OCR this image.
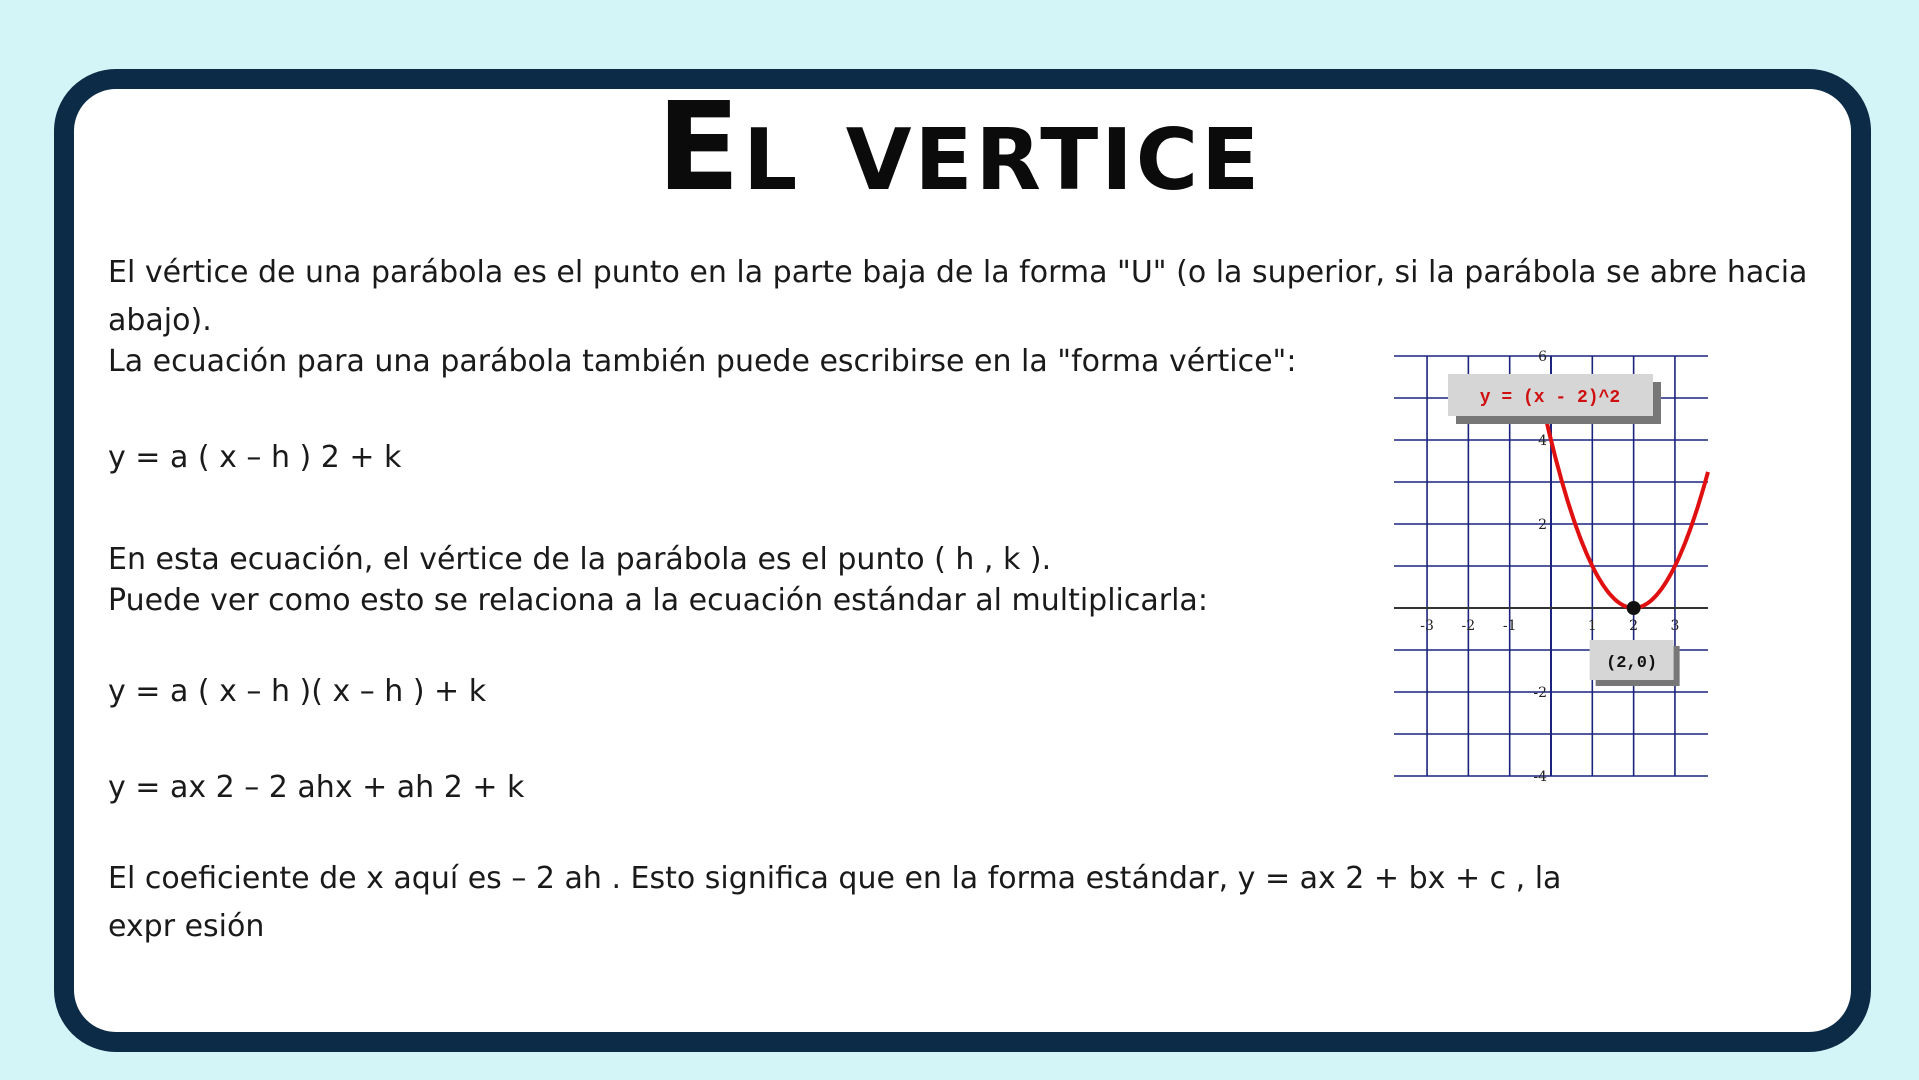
El vertice
El vértice de una parábola es el punto en la parte baja de la forma "U" (o la superior, si la parábola se abre hacia abajo).
La ecuación para una parábola también puede escribirse en la "forma vértice":
y = a ( x – h ) 2 + k
En esta ecuación, el vértice de la parábola es el punto ( h , k ).
Puede ver como esto se relaciona a la ecuación estándar al multiplicarla:
y = a ( x – h )( x – h ) + k
y = ax 2 – 2 ahx + ah 2 + k
El coeficiente de x aquí es – 2 ah . Esto significa que en la forma estándar, y = ax 2 + bx + c , la expr esión
-3 -2 -1	1 2 3
6
4
2
-2
-4
y = (x - 2)^2
(2,0)
